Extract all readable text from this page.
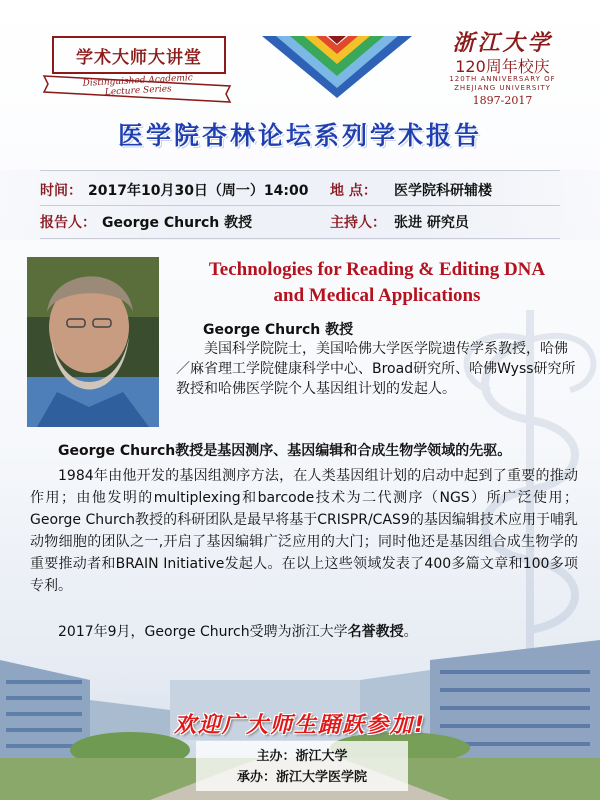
学术大师大讲堂
Distinguished Academic Lecture Series
浙江大学
120周年校庆
120TH ANNIVERSARY OF
ZHEJIANG UNIVERSITY
1897-2017
医学院杏林论坛系列学术报告
时间： 2017年10月30日（周一）14:00 地 点： 医学院科研辅楼
报告人： George Church 教授	主持人： 张进 研究员
Technologies for Reading & Editing DNA
and Medical Applications
George Church 教授
美国科学院院士，美国哈佛大学医学院遗传学系教授，哈佛／麻省理工学院健康科学中心、Broad研究所、哈佛Wyss研究所教授和哈佛医学院个人基因组计划的发起人。
George Church教授是基因测序、基因编辑和合成生物学领域的先驱。
1984年由他开发的基因组测序方法，在人类基因组计划的启动中起到了重要的推动作用；由他发明的multiplexing和barcode技术为二代测序（NGS）所广泛使用；George Church教授的科研团队是最早将基于CRISPR/CAS9的基因编辑技术应用于哺乳动物细胞的团队之一,开启了基因编辑广泛应用的大门；同时他还是基因组合成生物学的重要推动者和BRAIN Initiative发起人。在以上这些领域发表了400多篇文章和100多项专利。
2017年9月，George Church受聘为浙江大学名誉教授。
欢迎广大师生踊跃参加!
主办：浙江大学
承办：浙江大学医学院
